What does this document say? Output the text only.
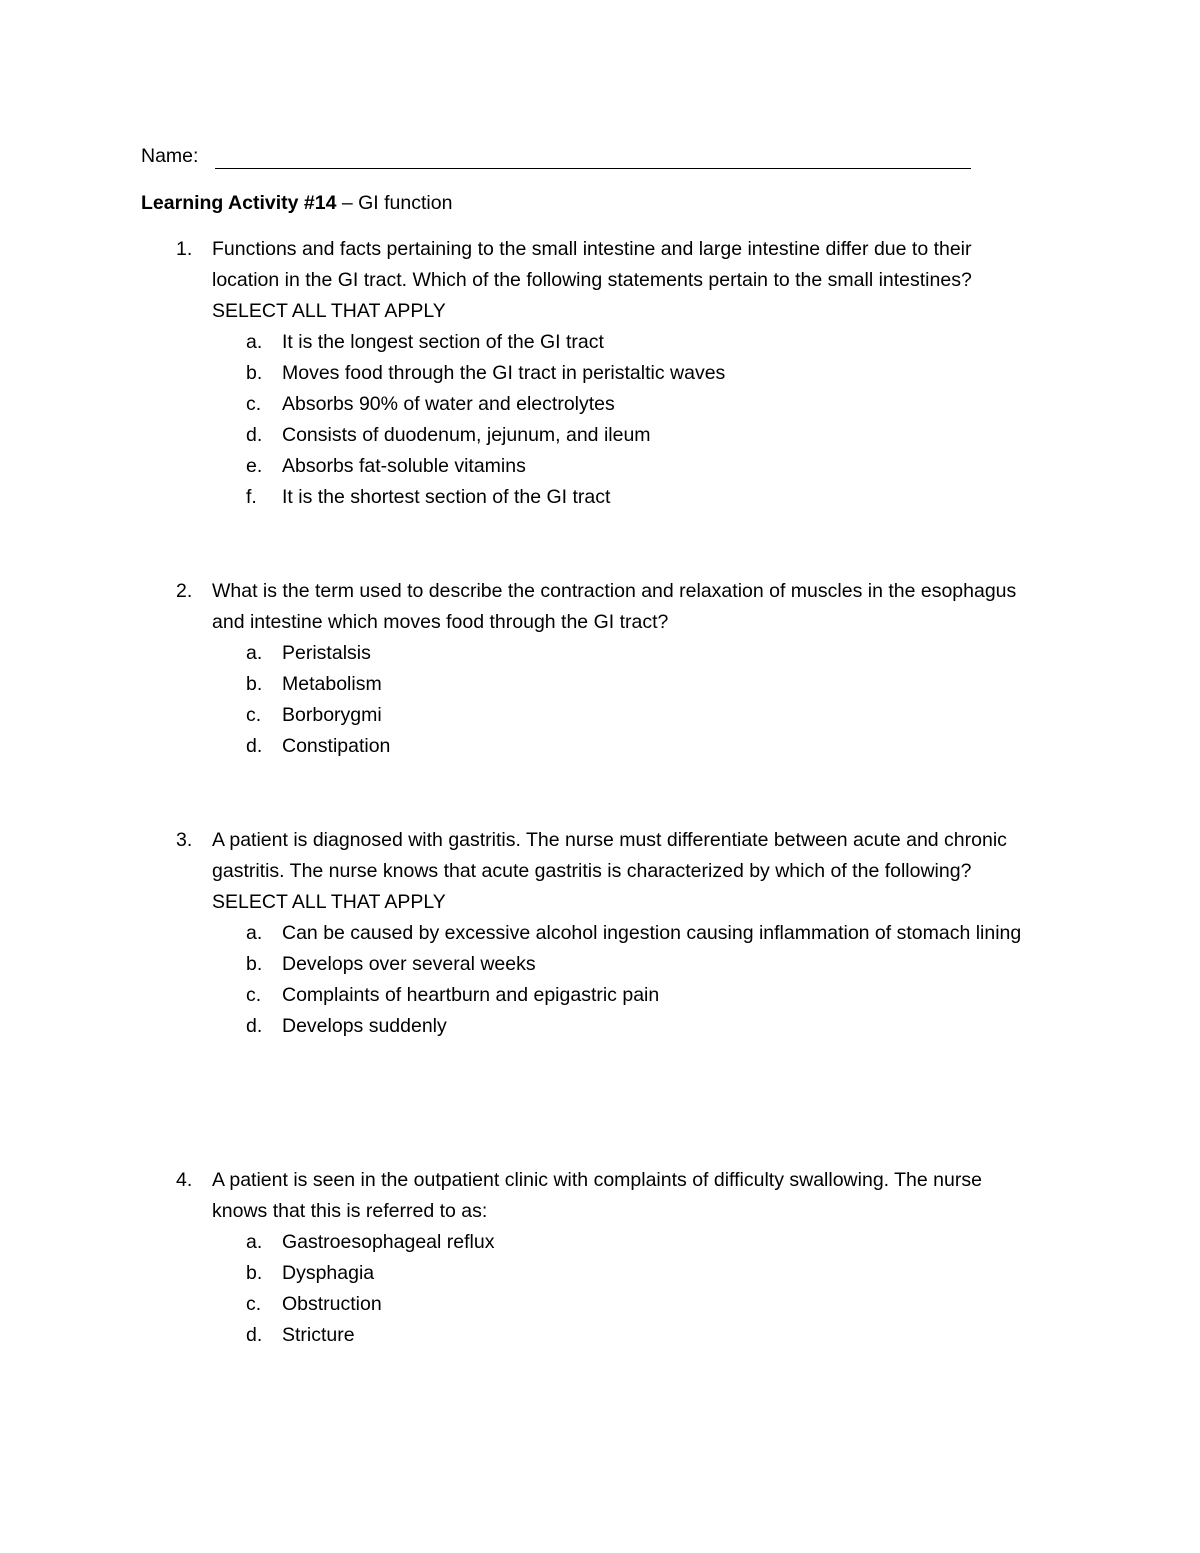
Name:
Learning Activity #14 – GI function
1. Functions and facts pertaining to the small intestine and large intestine differ due to their location in the GI tract. Which of the following statements pertain to the small intestines? SELECT ALL THAT APPLY
a. It is the longest section of the GI tract
b. Moves food through the GI tract in peristaltic waves
c. Absorbs 90% of water and electrolytes
d. Consists of duodenum, jejunum, and ileum
e. Absorbs fat-soluble vitamins
f. It is the shortest section of the GI tract
2. What is the term used to describe the contraction and relaxation of muscles in the esophagus and intestine which moves food through the GI tract?
a. Peristalsis
b. Metabolism
c. Borborygmi
d. Constipation
3. A patient is diagnosed with gastritis. The nurse must differentiate between acute and chronic gastritis. The nurse knows that acute gastritis is characterized by which of the following? SELECT ALL THAT APPLY
a. Can be caused by excessive alcohol ingestion causing inflammation of stomach lining
b. Develops over several weeks
c. Complaints of heartburn and epigastric pain
d. Develops suddenly
4. A patient is seen in the outpatient clinic with complaints of difficulty swallowing. The nurse knows that this is referred to as:
a. Gastroesophageal reflux
b. Dysphagia
c. Obstruction
d. Stricture
